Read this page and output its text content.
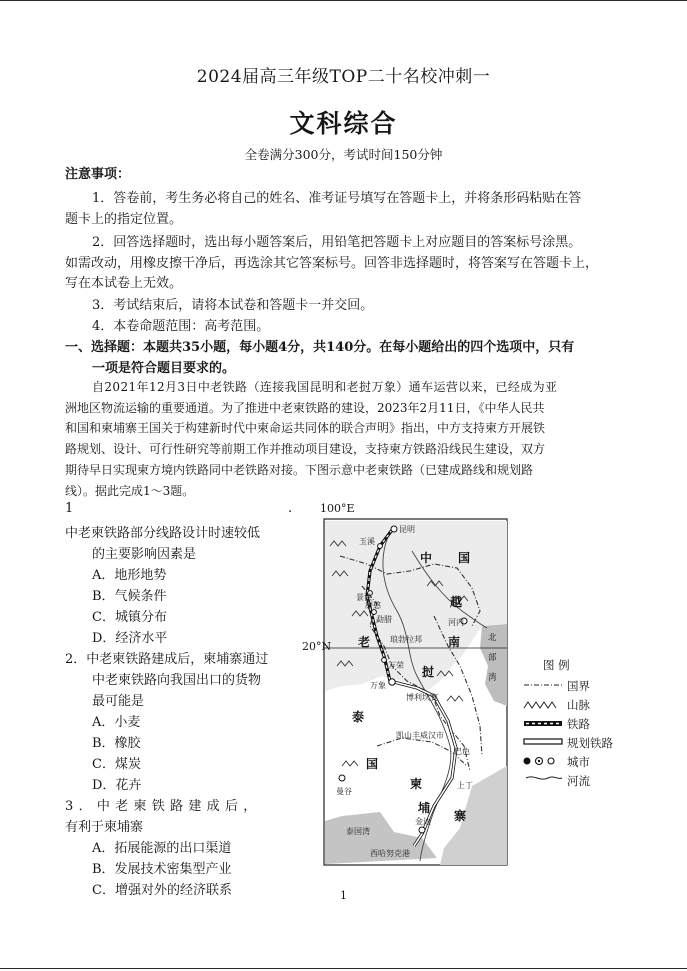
2024届高三年级TOP二十名校冲刺一
文科综合
全卷满分300分，考试时间150分钟
注意事项：
1．答卷前，考生务必将自己的姓名、准考证号填写在答题卡上，并将条形码粘贴在答
题卡上的指定位置。
2．回答选择题时，选出每小题答案后，用铅笔把答题卡上对应题目的答案标号涂黑。
如需改动，用橡皮擦干净后，再选涂其它答案标号。回答非选择题时，将答案写在答题卡上，
写在本试卷上无效。
3．考试结束后，请将本试卷和答题卡一并交回。
4．本卷命题范围：高考范围。
一、选择题：本题共35小题，每小题4分，共140分。在每小题给出的四个选项中，只有
一项是符合题目要求的。
自2021年12月3日中老铁路（连接我国昆明和老挝万象）通车运营以来，已经成为亚
洲地区物流运输的重要通道。为了推进中老柬铁路的建设，2023年2月11日，《中华人民共
和国和柬埔寨王国关于构建新时代中柬命运共同体的联合声明》指出，中方支持柬方开展铁
路规划、设计、可行性研究等前期工作并推动项目建设，支持柬方铁路沿线民生建设，双方
期待早日实现柬方境内铁路同中老铁路对接。下图示意中老柬铁路（已建成路线和规划路
线）。据此完成1～3题。
1	.
中老柬铁路部分线路设计时速较低
的主要影响因素是
A．地形地势
B．气候条件
C．城镇分布
D．经济水平
2．中老柬铁路建成后，柬埔寨通过
中老柬铁路向我国出口的货物
最可能是
A．小麦
B．橡胶
C．煤炭
D．花卉
3．中老柬铁路建成后，
有利于柬埔寨
A．拓展能源的出口渠道
B．发展技术密集型产业
C．增强对外的经济联系
昆明
玉溪
景洪
磨憨
勐腊	河内
琅勃拉邦
万荣
万象
博利坎赛
凯山丰威汉市
巴色
曼谷
上丁
泰国湾
金边
西哈努克港
中 国
越
南
老
挝
泰
国
柬
埔
寨
北
部
湾
100°E
20°N
图 例
国界
山脉
铁路
规划铁路
城市
河流
1
